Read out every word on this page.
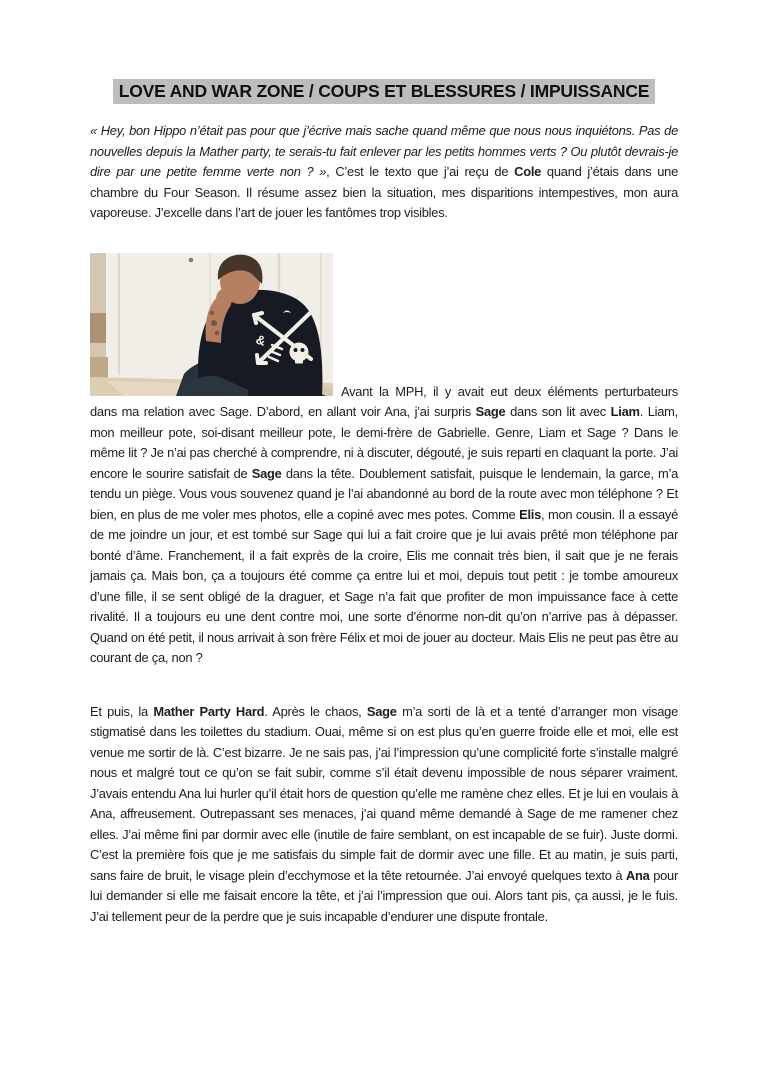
LOVE AND WAR ZONE / COUPS ET BLESSURES / IMPUISSANCE

« Hey, bon Hippo n’était pas pour que j’écrive mais sache quand même que nous nous inquiétons. Pas de nouvelles depuis la Mather party, te serais-tu fait enlever par les petits hommes verts ? Ou plutôt devrais-je dire par une petite femme verte non ? », C’est le texto que j’ai reçu de Cole quand j’étais dans une chambre du Four Season. Il résume assez bien la situation, mes disparitions intempestives, mon aura vaporeuse. J’excelle dans l’art de jouer les fantômes trop visibles.

&
Avant la MPH, il y avait eut deux éléments perturbateurs dans ma relation avec Sage. D’abord, en allant voir Ana, j’ai surpris Sage dans son lit avec Liam. Liam, mon meilleur pote, soi-disant meilleur pote, le demi-frère de Gabrielle. Genre, Liam et Sage ? Dans le même lit ? Je n’ai pas cherché à comprendre, ni à discuter, dégouté, je suis reparti en claquant la porte. J’ai encore le sourire satisfait de Sage dans la tête. Doublement satisfait, puisque le lendemain, la garce, m’a tendu un piège. Vous vous souvenez quand je l’ai abandonné au bord de la route avec mon téléphone ? Et bien, en plus de me voler mes photos, elle a copiné avec mes potes. Comme Elis, mon cousin. Il a essayé de me joindre un jour, et est tombé sur Sage qui lui a fait croire que je lui avais prêté mon téléphone par bonté d’âme. Franchement, il a fait exprès de la croire, Elis me connait très bien, il sait que je ne ferais jamais ça. Mais bon, ça a toujours été comme ça entre lui et moi, depuis tout petit : je tombe amoureux d’une fille, il se sent obligé de la draguer, et Sage n’a fait que profiter de mon impuissance face à cette rivalité. Il a toujours eu une dent contre moi, une sorte d’énorme non-dit qu’on n’arrive pas à dépasser. Quand on été petit, il nous arrivait à son frère Félix et moi de jouer au docteur. Mais Elis ne peut pas être au courant de ça, non ?

Et puis, la Mather Party Hard. Après le chaos, Sage m’a sorti de là et a tenté d’arranger mon visage stigmatisé dans les toilettes du stadium. Ouai, même si on est plus qu’en guerre froide elle et moi, elle est venue me sortir de là. C’est bizarre. Je ne sais pas, j’ai l’impression qu’une complicité forte s’installe malgré nous et malgré tout ce qu’on se fait subir, comme s’il était devenu impossible de nous séparer vraiment. J’avais entendu Ana lui hurler qu’il était hors de question qu’elle me ramène chez elles. Et je lui en voulais à Ana, affreusement. Outrepassant ses menaces, j’ai quand même demandé à Sage de me ramener chez elles. J’ai même fini par dormir avec elle (inutile de faire semblant, on est incapable de se fuir). Juste dormi. C’est la première fois que je me satisfais du simple fait de dormir avec une fille. Et au matin, je suis parti, sans faire de bruit, le visage plein d’ecchymose et la tête retournée. J’ai envoyé quelques texto à Ana pour lui demander si elle me faisait encore la tête, et j’ai l’impression que oui. Alors tant pis, ça aussi, je le fuis. J’ai tellement peur de la perdre que je suis incapable d’endurer une dispute frontale.
